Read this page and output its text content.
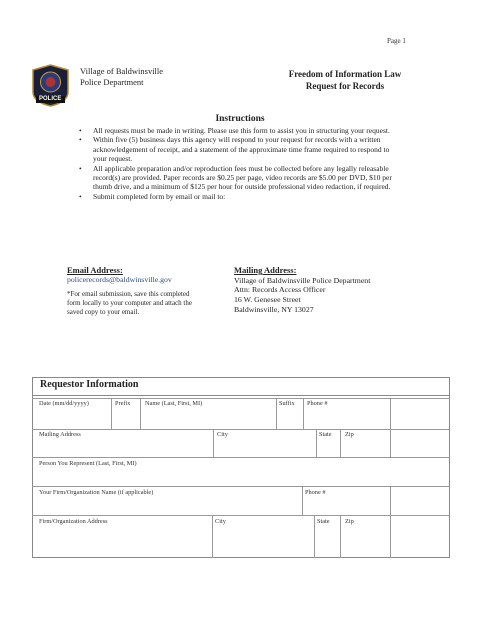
Page 1
POLICE
Village of Baldwinsville
Police Department
Freedom of Information Law
Request for Records
Instructions
• All requests must be made in writing. Please use this form to assist you in structuring your request.
• Within five (5) business days this agency will respond to your request for records with a written acknowledgement of receipt, and a statement of the approximate time frame required to respond to your request.
• All applicable preparation and/or reproduction fees must be collected before any legally releasable record(s) are provided. Paper records are $0.25 per page, video records are $5.00 per DVD, $10 per thumb drive, and a minimum of $125 per hour for outside professional video redaction, if required.
• Submit completed form by email or mail to:
Email Address:
policerecords@baldwinsville.gov
*For email submission, save this completed form locally to your computer and attach the saved copy to your email.
Mailing Address:
Village of Baldwinsville Police Department
Attn: Records Access Officer
16 W. Genesee Street
Baldwinsville, NY 13027
Requestor Information
Date (mm/dd/yyyy)	Prefix Name (Last, First, MI)	Suffix Phone #
Mailing Address	City	State Zip
Person You Represent (Last, First, MI)
Your Firm/Organization Name (if applicable)	Phone #
Firm/Organization Address	City	State Zip
